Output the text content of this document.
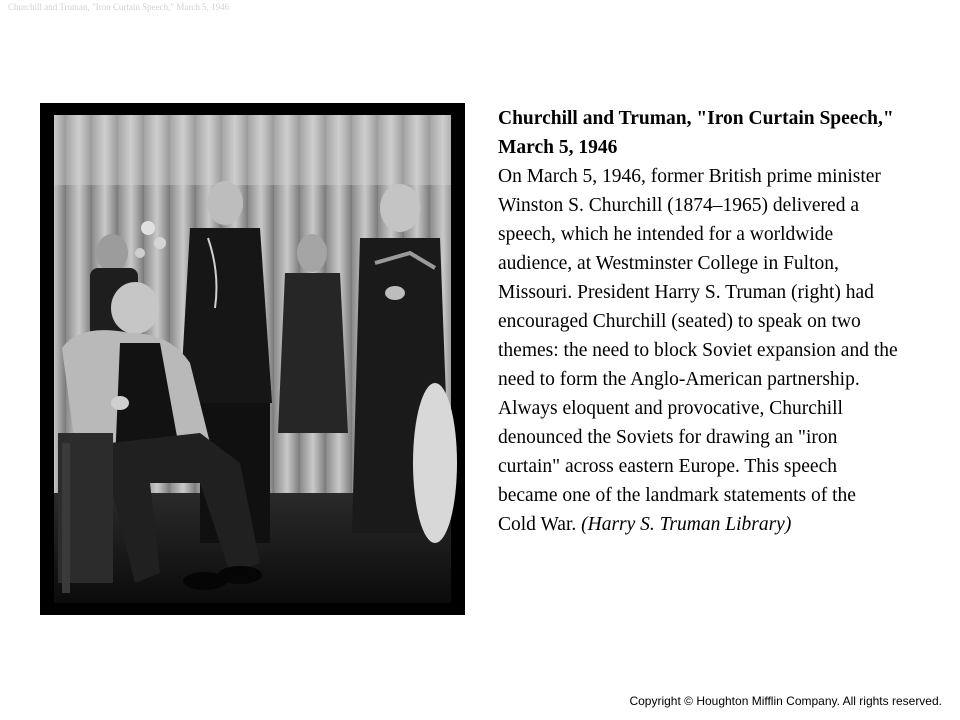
Churchill and Truman, "Iron Curtain Speech," March 5, 1946
Churchill and Truman, "Iron Curtain Speech," March 5, 1946
On March 5, 1946, former British prime minister Winston S. Churchill (1874–1965) delivered a speech, which he intended for a worldwide audience, at Westminster College in Fulton, Missouri. President Harry S. Truman (right) had encouraged Churchill (seated) to speak on two themes: the need to block Soviet expansion and the need to form the Anglo-American partnership. Always eloquent and provocative, Churchill denounced the Soviets for drawing an "iron curtain" across eastern Europe. This speech became one of the landmark statements of the Cold War. (Harry S. Truman Library)
Copyright © Houghton Mifflin Company. All rights reserved.
